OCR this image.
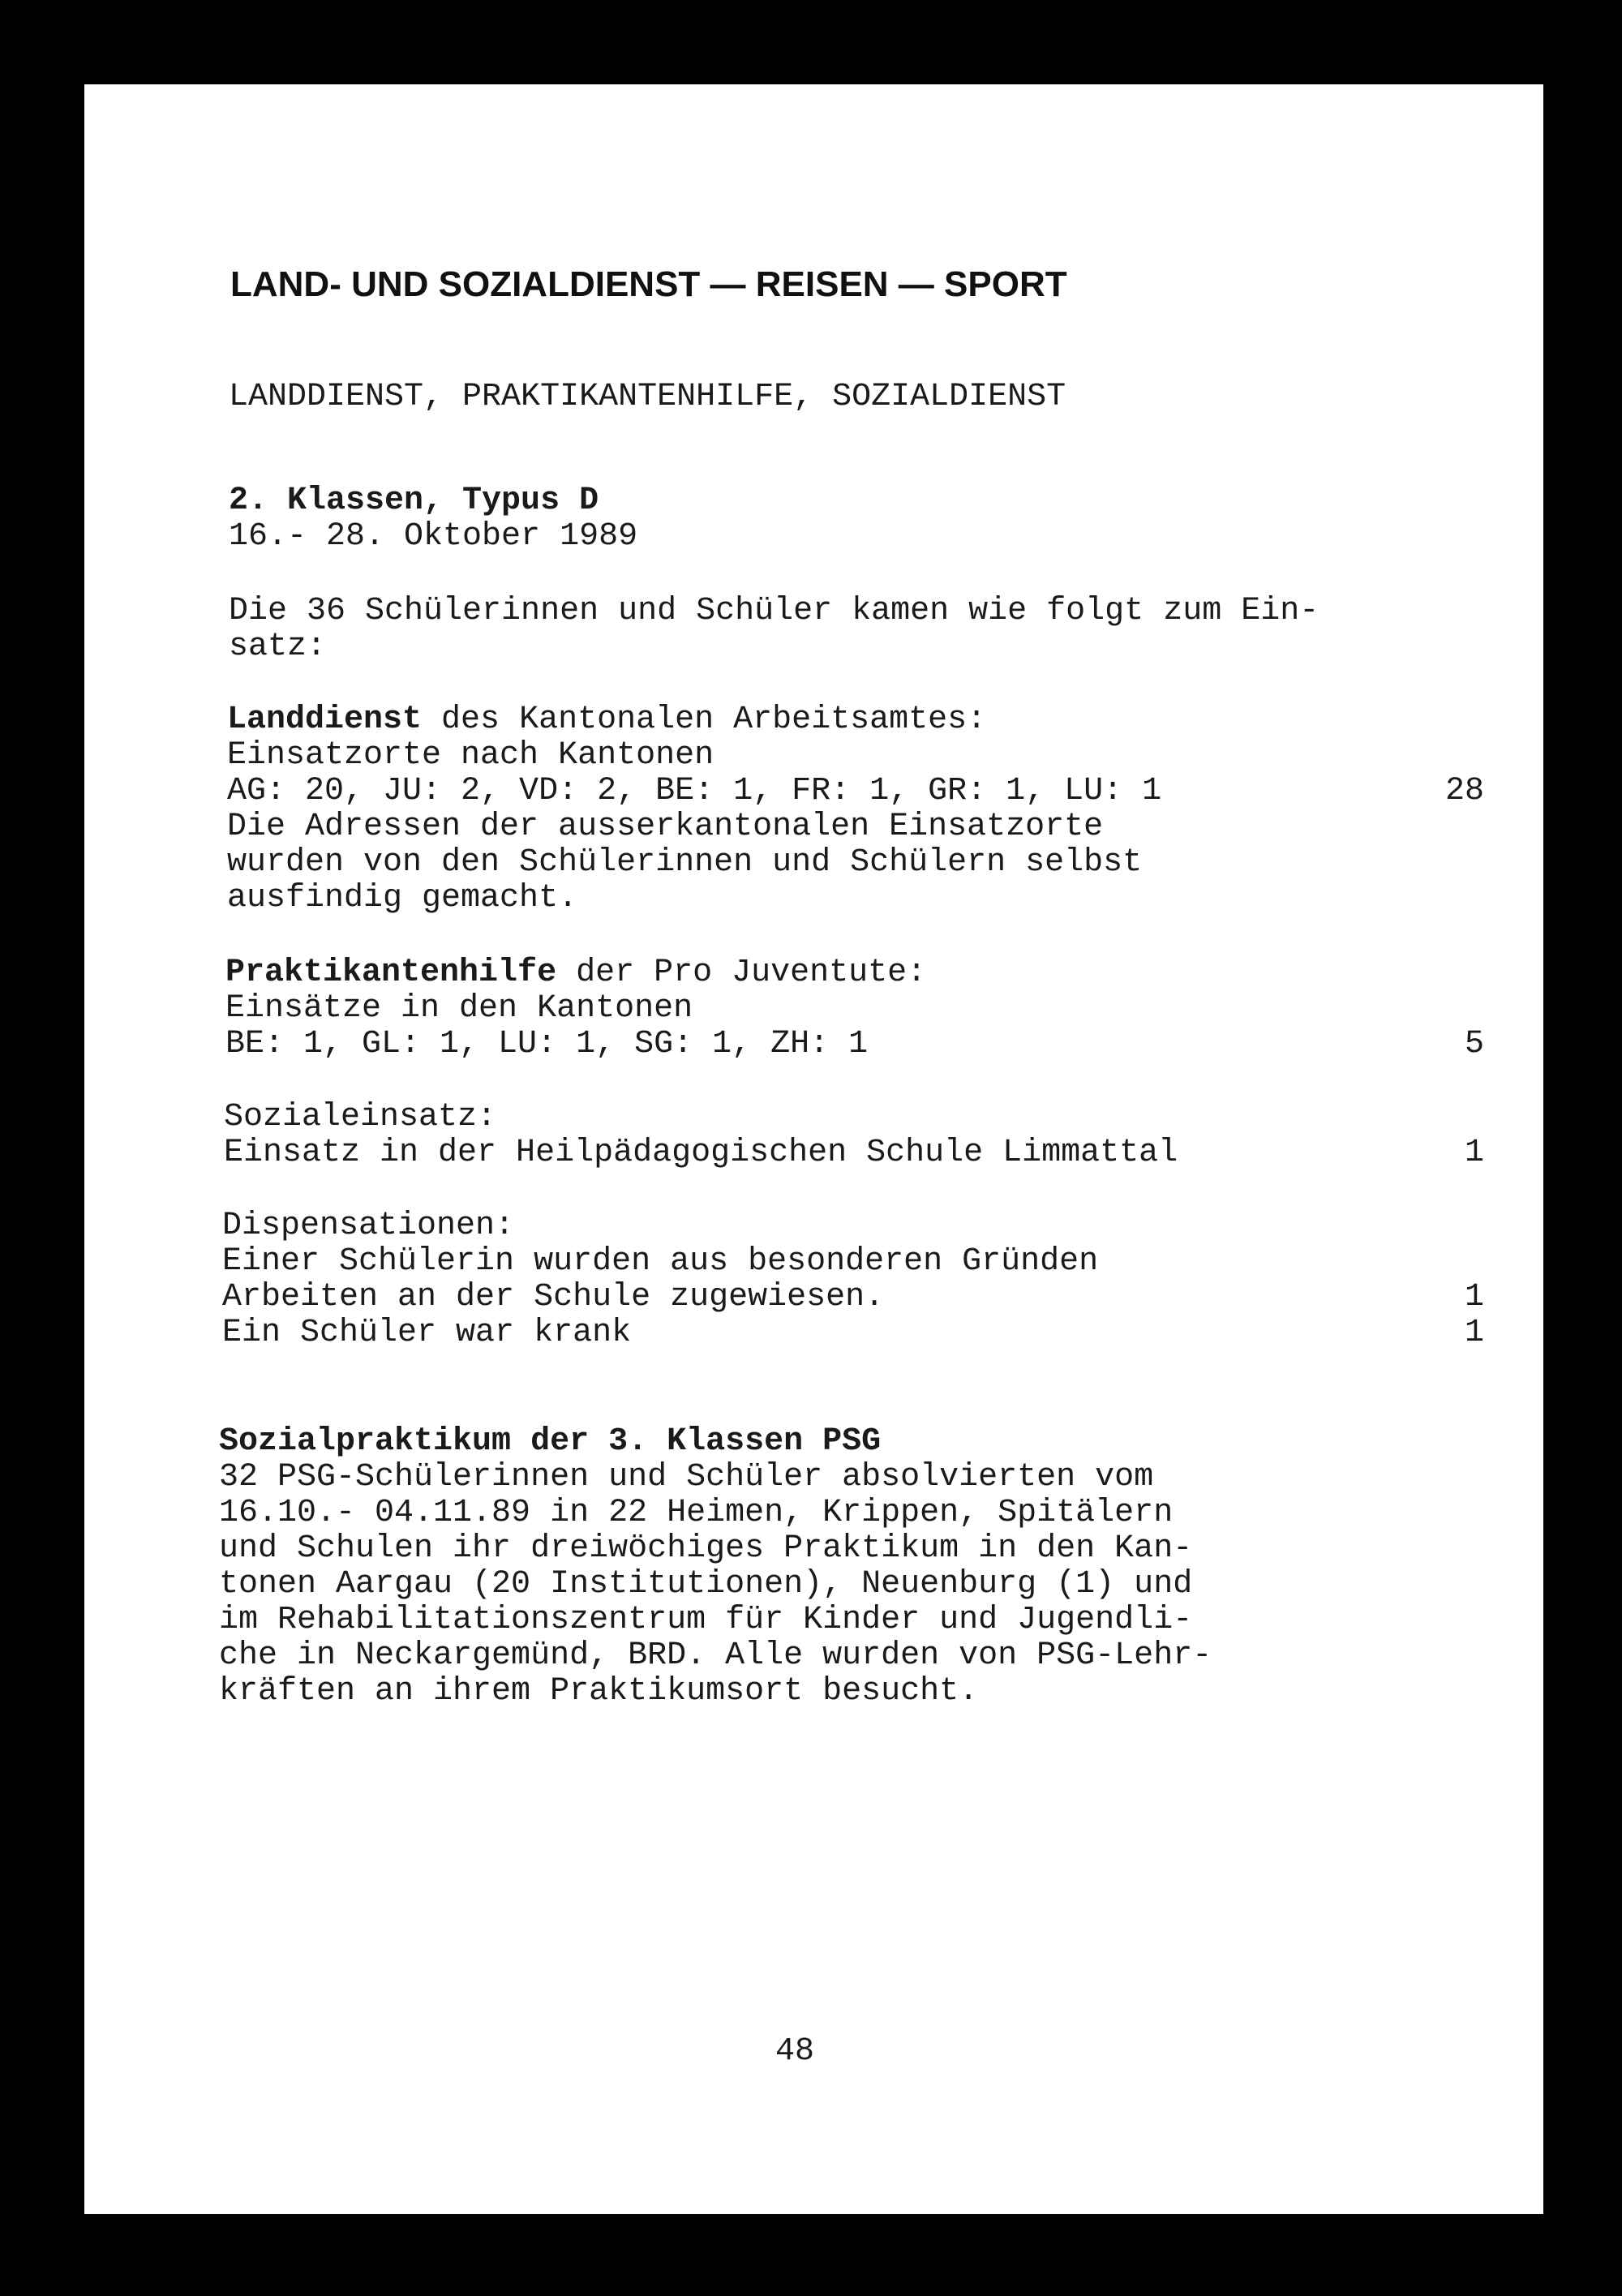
LAND- UND SOZIALDIENST — REISEN — SPORT

LANDDIENST, PRAKTIKANTENHILFE, SOZIALDIENST

2. Klassen, Typus D

16.- 28. Oktober 1989

Die 36 Schülerinnen und Schüler kamen wie folgt zum Ein-

satz:

Landdienst des Kantonalen Arbeitsamtes:

Einsatzorte nach Kantonen

AG: 20, JU: 2, VD: 2, BE: 1, FR: 1, GR: 1, LU: 1	28

Die Adressen der ausserkantonalen Einsatzorte

wurden von den Schülerinnen und Schülern selbst

ausfindig gemacht.

Praktikantenhilfe der Pro Juventute:

Einsätze in den Kantonen

BE: 1, GL: 1, LU: 1, SG: 1, ZH: 1	5

Sozialeinsatz:

Einsatz in der Heilpädagogischen Schule Limmattal	1

Dispensationen:

Einer Schülerin wurden aus besonderen Gründen

Arbeiten an der Schule zugewiesen.	1

Ein Schüler war krank	1

Sozialpraktikum der 3. Klassen PSG

32 PSG-Schülerinnen und Schüler absolvierten vom

16.10.- 04.11.89 in 22 Heimen, Krippen, Spitälern

und Schulen ihr dreiwöchiges Praktikum in den Kan-

tonen Aargau (20 Institutionen), Neuenburg (1) und

im Rehabilitationszentrum für Kinder und Jugendli-

che in Neckargemünd, BRD. Alle wurden von PSG-Lehr-

kräften an ihrem Praktikumsort besucht.

48
